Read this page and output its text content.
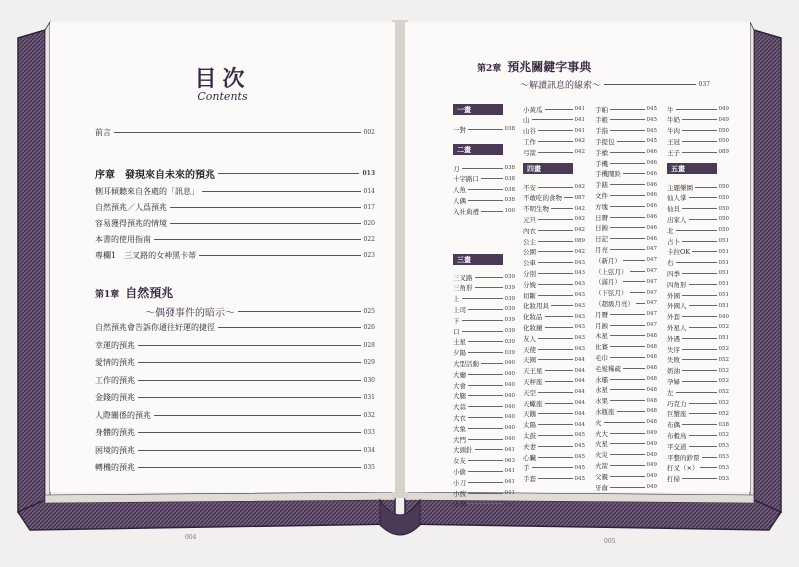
目次
Contents
前言	002
序章　發現來自未來的預兆	013
側耳傾聽來自各處的「訊息」	014
自然預兆／人爲預兆	017
容易獲得預兆的情境	020
本書的使用指南	022
專欄1　三叉路的女神黑卡蒂	023
第1章 自然預兆
～偶發事件的暗示～	025
自然預兆會告訴你通往好運的捷徑	026
幸運的預兆	028
愛情的預兆	029
工作的預兆	030
金錢的預兆	031
人際關係的預兆	032
身體的預兆	033
困境的預兆	034
轉機的預兆	035
004
第2章 預兆關鍵字事典
～解讀訊息的線索～	037
一畫
一對	038
二畫
刀	038
十字路口	038
人魚	038
人偶	038
入社典禮	100
三畫
三叉路	039
三角形	039
上	039
上司	039
下	039
口	039
土星	039
夕陽	039
大型活動	040
大廳	040
大會	040
大腿	040
大蒜	040
大衣	040
大象	040
大門	040
大頭針	041
女友	063
小偷	041
小刀	041
小孩	041
小鳥	041
小黃瓜	041
山	041
山谷	041
工作	042
弓箭	042
四畫
不安	042
不敢吃的食物 087
不明生物	042
元旦	042
內衣	042
公主	089
公園	042
公車	043
分別	043
分娩	043
切斷	043
化妝用具	043
化妝品	043
化妝鏡	043
友人	043
天使	043
天國	044
天王星	044
天秤座	044
天空	044
天蠍座	044
天鵝	044
太陽	044
太鼓	045
夫妻	045
心臟	045
手	045
手套	045
手帕	045
手帳	045
手指	045
手提包	045
手槍	046
手機	046
手機鬧鈴	046
手錶	046
文件	046
方塊	046
日曆	046
日蝕	046
日記	046
月亮	047
（新月）	047
（上弦月）	047
（滿月）	047
（下弦月）	047
（超級月亮） 047
月曆	047
月蝕	047
木星	048
比賽	048
毛巾	048
毛髮稀疏	048
水壩	048
水星	048
水果	048
水瓶座	048
火	048
火大	049
火星	049
火災	049
火箭	049
父親	049
牙齒	049
牛	049
牛奶	049
牛肉	050
王冠	050
王子	089
五畫
主題樂園	050
仙人掌	050
仙貝	050
出家人	050
北	050
占卜	051
卡拉OK	051
右	051
四季	051
四角形	051
外國	051
外國人	051
外套	040
外星人	052
外遇	051
失序	052
失敗	052
奶油	052
孕婦	052
左	052
巧克力	052
巨蟹座	052
布偶	038
布穀鳥	052
平交道	053
平整的鈔票	053
打叉（×）	053
打掃	053
005
